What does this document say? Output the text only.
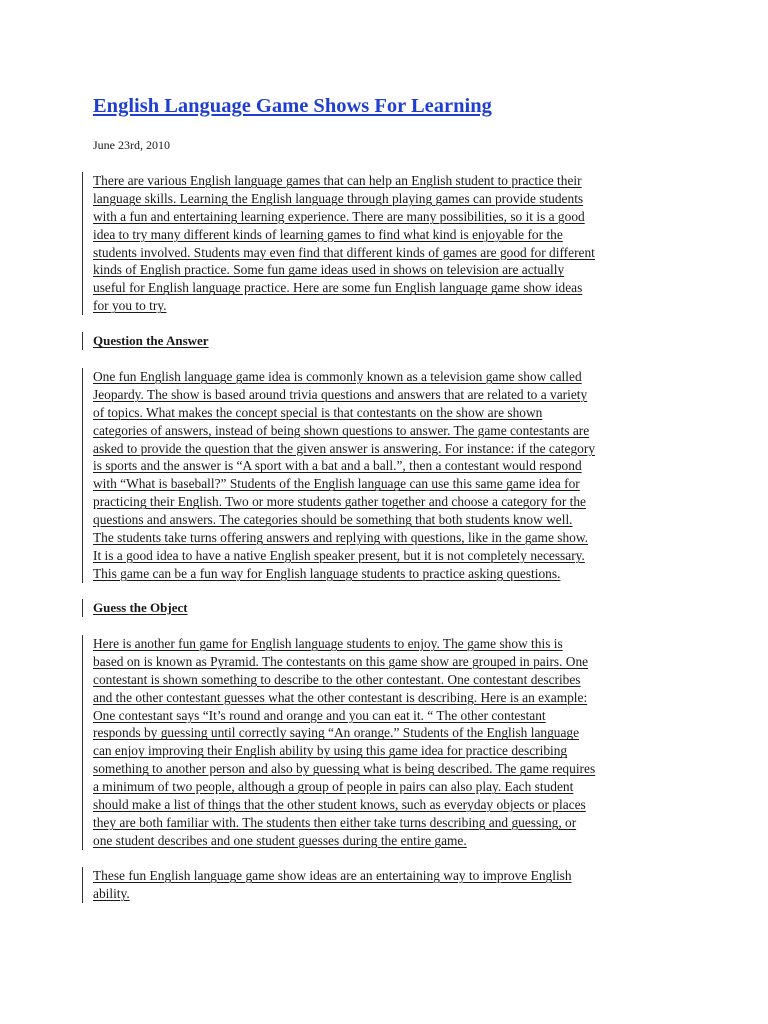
English Language Game Shows For Learning
June 23rd, 2010
There are various English language games that can help an English student to practice their
language skills. Learning the English language through playing games can provide students
with a fun and entertaining learning experience. There are many possibilities, so it is a good
idea to try many different kinds of learning games to find what kind is enjoyable for the
students involved. Students may even find that different kinds of games are good for different
kinds of English practice. Some fun game ideas used in shows on television are actually
useful for English language practice. Here are some fun English language game show ideas
for you to try.
Question the Answer
One fun English language game idea is commonly known as a television game show called
Jeopardy. The show is based around trivia questions and answers that are related to a variety
of topics. What makes the concept special is that contestants on the show are shown
categories of answers, instead of being shown questions to answer. The game contestants are
asked to provide the question that the given answer is answering. For instance: if the category
is sports and the answer is “A sport with a bat and a ball.”, then a contestant would respond
with “What is baseball?” Students of the English language can use this same game idea for
practicing their English. Two or more students gather together and choose a category for the
questions and answers. The categories should be something that both students know well.
The students take turns offering answers and replying with questions, like in the game show.
It is a good idea to have a native English speaker present, but it is not completely necessary.
This game can be a fun way for English language students to practice asking questions.
Guess the Object
Here is another fun game for English language students to enjoy. The game show this is
based on is known as Pyramid. The contestants on this game show are grouped in pairs. One
contestant is shown something to describe to the other contestant. One contestant describes
and the other contestant guesses what the other contestant is describing. Here is an example:
One contestant says “It’s round and orange and you can eat it. “ The other contestant
responds by guessing until correctly saying “An orange.” Students of the English language
can enjoy improving their English ability by using this game idea for practice describing
something to another person and also by guessing what is being described. The game requires
a minimum of two people, although a group of people in pairs can also play. Each student
should make a list of things that the other student knows, such as everyday objects or places
they are both familiar with. The students then either take turns describing and guessing, or
one student describes and one student guesses during the entire game.
These fun English language game show ideas are an entertaining way to improve English
ability.
